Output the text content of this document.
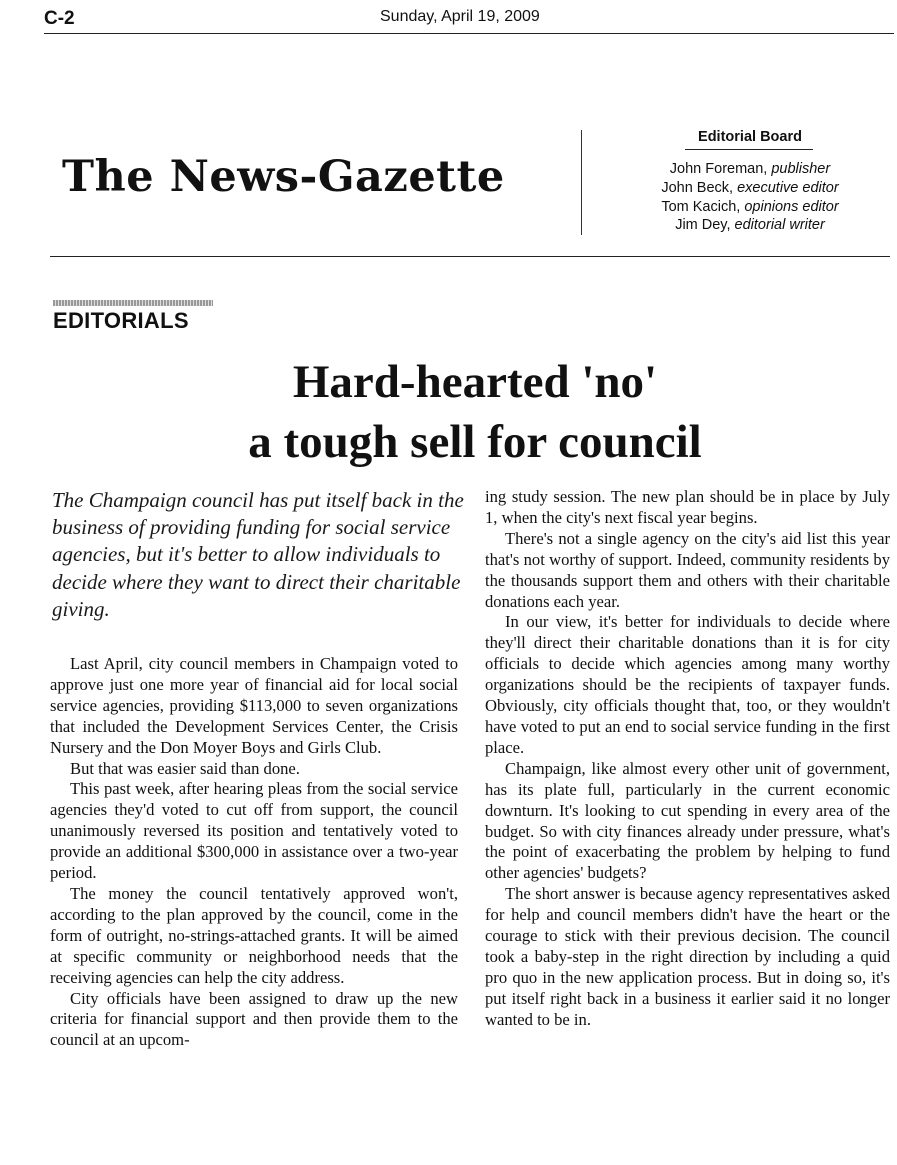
C-2	Sunday, April 19, 2009
The News-Gazette
Editorial Board
John Foreman, publisher
John Beck, executive editor
Tom Kacich, opinions editor
Jim Dey, editorial writer
EDITORIALS
Hard-hearted 'no'
a tough sell for council
The Champaign council has put itself back in the business of providing funding for social service agencies, but it's better to allow individuals to decide where they want to direct their charitable giving.

Last April, city council members in Champaign voted to approve just one more year of financial aid for local social service agencies, providing $113,000 to seven organizations that included the Development Services Center, the Crisis Nursery and the Don Moyer Boys and Girls Club.

But that was easier said than done.

This past week, after hearing pleas from the social service agencies they'd voted to cut off from support, the council unanimously reversed its position and tentatively voted to provide an additional $300,000 in assistance over a two-year period.

The money the council tentatively approved won't, according to the plan approved by the council, come in the form of outright, no-strings-attached grants. It will be aimed at specific community or neighborhood needs that the receiving agencies can help the city address.

City officials have been assigned to draw up the new criteria for financial support and then provide them to the council at an upcom-

ing study session. The new plan should be in place by July 1, when the city's next fiscal year begins.

There's not a single agency on the city's aid list this year that's not worthy of support. Indeed, community residents by the thousands support them and others with their charitable donations each year.

In our view, it's better for individuals to decide where they'll direct their charitable donations than it is for city officials to decide which agencies among many worthy organizations should be the recipients of taxpayer funds. Obviously, city officials thought that, too, or they wouldn't have voted to put an end to social service funding in the first place.

Champaign, like almost every other unit of government, has its plate full, particularly in the current economic downturn. It's looking to cut spending in every area of the budget. So with city finances already under pressure, what's the point of exacerbating the problem by helping to fund other agencies' budgets?

The short answer is because agency representatives asked for help and council members didn't have the heart or the courage to stick with their previous decision. The council took a baby-step in the right direction by including a quid pro quo in the new application process. But in doing so, it's put itself right back in a business it earlier said it no longer wanted to be in.
